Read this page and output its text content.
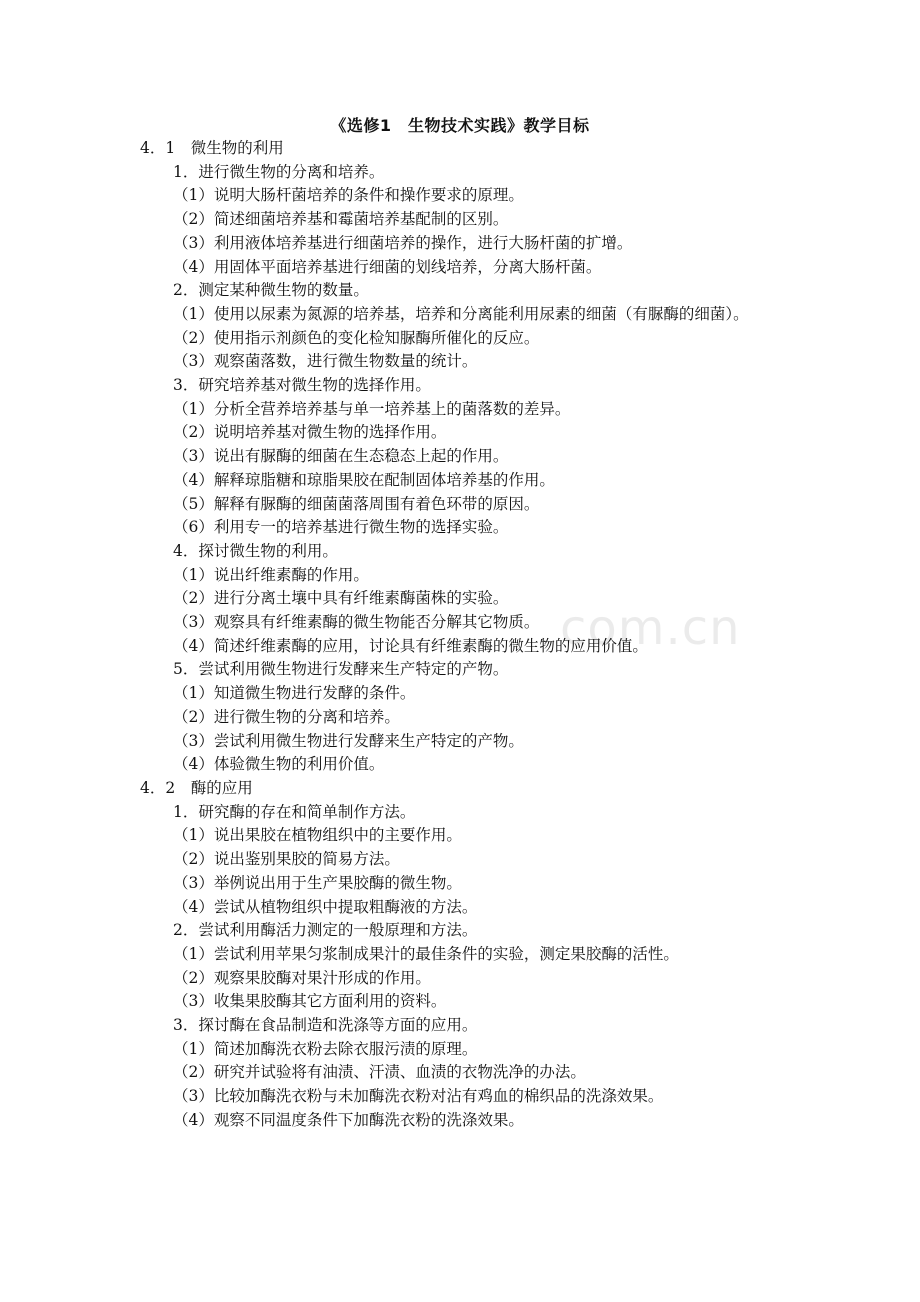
com.cn
《选修1　生物技术实践》教学目标
4．1　微生物的利用
1．进行微生物的分离和培养。
（1）说明大肠杆菌培养的条件和操作要求的原理。
（2）简述细菌培养基和霉菌培养基配制的区别。
（3）利用液体培养基进行细菌培养的操作，进行大肠杆菌的扩增。
（4）用固体平面培养基进行细菌的划线培养，分离大肠杆菌。
2．测定某种微生物的数量。
（1）使用以尿素为氮源的培养基，培养和分离能利用尿素的细菌（有脲酶的细菌）。
（2）使用指示剂颜色的变化检知脲酶所催化的反应。
（3）观察菌落数，进行微生物数量的统计。
3．研究培养基对微生物的选择作用。
（1）分析全营养培养基与单一培养基上的菌落数的差异。
（2）说明培养基对微生物的选择作用。
（3）说出有脲酶的细菌在生态稳态上起的作用。
（4）解释琼脂糖和琼脂果胶在配制固体培养基的作用。
（5）解释有脲酶的细菌菌落周围有着色环带的原因。
（6）利用专一的培养基进行微生物的选择实验。
4．探讨微生物的利用。
（1）说出纤维素酶的作用。
（2）进行分离土壤中具有纤维素酶菌株的实验。
（3）观察具有纤维素酶的微生物能否分解其它物质。
（4）简述纤维素酶的应用，讨论具有纤维素酶的微生物的应用价值。
5．尝试利用微生物进行发酵来生产特定的产物。
（1）知道微生物进行发酵的条件。
（2）进行微生物的分离和培养。
（3）尝试利用微生物进行发酵来生产特定的产物。
（4）体验微生物的利用价值。
4．2　酶的应用
1．研究酶的存在和简单制作方法。
（1）说出果胶在植物组织中的主要作用。
（2）说出鉴别果胶的简易方法。
（3）举例说出用于生产果胶酶的微生物。
（4）尝试从植物组织中提取粗酶液的方法。
2．尝试利用酶活力测定的一般原理和方法。
（1）尝试利用苹果匀浆制成果汁的最佳条件的实验，测定果胶酶的活性。
（2）观察果胶酶对果汁形成的作用。
（3）收集果胶酶其它方面利用的资料。
3．探讨酶在食品制造和洗涤等方面的应用。
（1）简述加酶洗衣粉去除衣服污渍的原理。
（2）研究并试验将有油渍、汗渍、血渍的衣物洗净的办法。
（3）比较加酶洗衣粉与未加酶洗衣粉对沾有鸡血的棉织品的洗涤效果。
（4）观察不同温度条件下加酶洗衣粉的洗涤效果。
